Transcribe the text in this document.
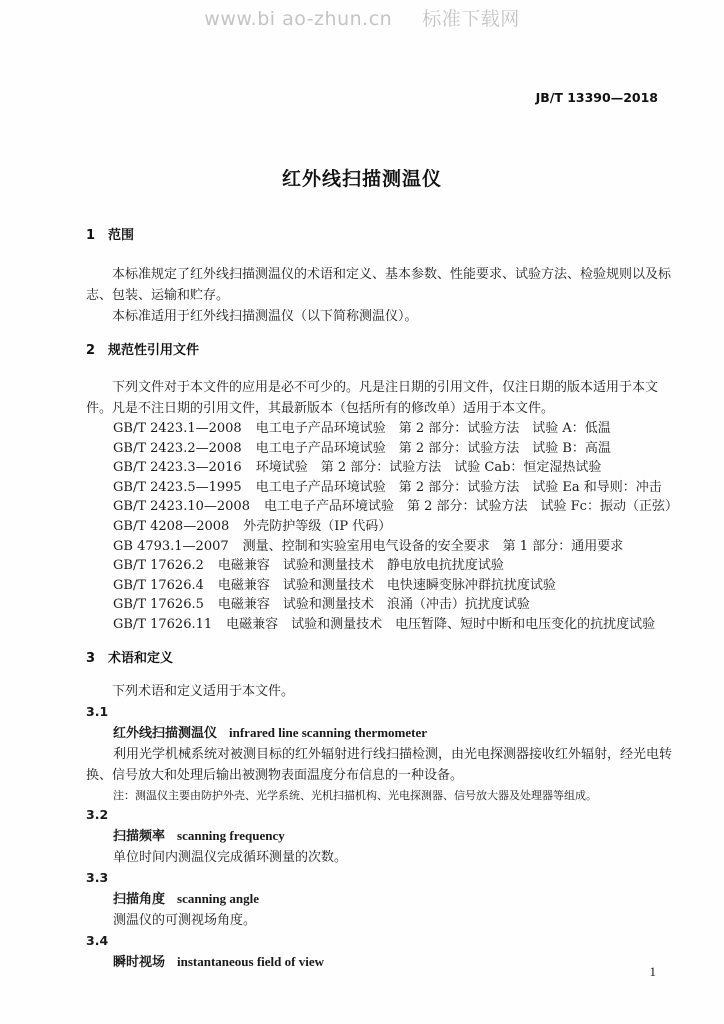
www.bi ao-zhun.cn 标准下载网
JB/T 13390—2018
红外线扫描测温仪
1 范围

本标准规定了红外线扫描测温仪的术语和定义、基本参数、性能要求、试验方法、检验规则以及标

志、包装、运输和贮存。

本标准适用于红外线扫描测温仪（以下简称测温仪）。

2 规范性引用文件

下列文件对于本文件的应用是必不可少的。凡是注日期的引用文件，仅注日期的版本适用于本文

件。凡是不注日期的引用文件，其最新版本（包括所有的修改单）适用于本文件。

GB/T 2423.1—2008 电工电子产品环境试验　第 2 部分：试验方法　试验 A：低温
GB/T 2423.2—2008 电工电子产品环境试验　第 2 部分：试验方法　试验 B：高温
GB/T 2423.3—2016 环境试验　第 2 部分：试验方法　试验 Cab：恒定湿热试验
GB/T 2423.5—1995 电工电子产品环境试验　第 2 部分：试验方法　试验 Ea 和导则：冲击
GB/T 2423.10—2008 电工电子产品环境试验　第 2 部分：试验方法　试验 Fc：振动（正弦）
GB/T 4208—2008 外壳防护等级（IP 代码）
GB 4793.1—2007 测量、控制和实验室用电气设备的安全要求　第 1 部分：通用要求
GB/T 17626.2 电磁兼容　试验和测量技术　静电放电抗扰度试验
GB/T 17626.4 电磁兼容　试验和测量技术　电快速瞬变脉冲群抗扰度试验
GB/T 17626.5 电磁兼容　试验和测量技术　浪涌（冲击）抗扰度试验
GB/T 17626.11 电磁兼容　试验和测量技术　电压暂降、短时中断和电压变化的抗扰度试验
3 术语和定义

下列术语和定义适用于本文件。

3.1
红外线扫描测温仪 infrared line scanning thermometer
利用光学机械系统对被测目标的红外辐射进行线扫描检测，由光电探测器接收红外辐射，经光电转
换、信号放大和处理后输出被测物表面温度分布信息的一种设备。
注：测温仪主要由防护外壳、光学系统、光机扫描机构、光电探测器、信号放大器及处理器等组成。
3.2
扫描频率 scanning frequency
单位时间内测温仪完成循环测量的次数。
3.3
扫描角度 scanning angle
测温仪的可测视场角度。
3.4
瞬时视场 instantaneous field of view
1
